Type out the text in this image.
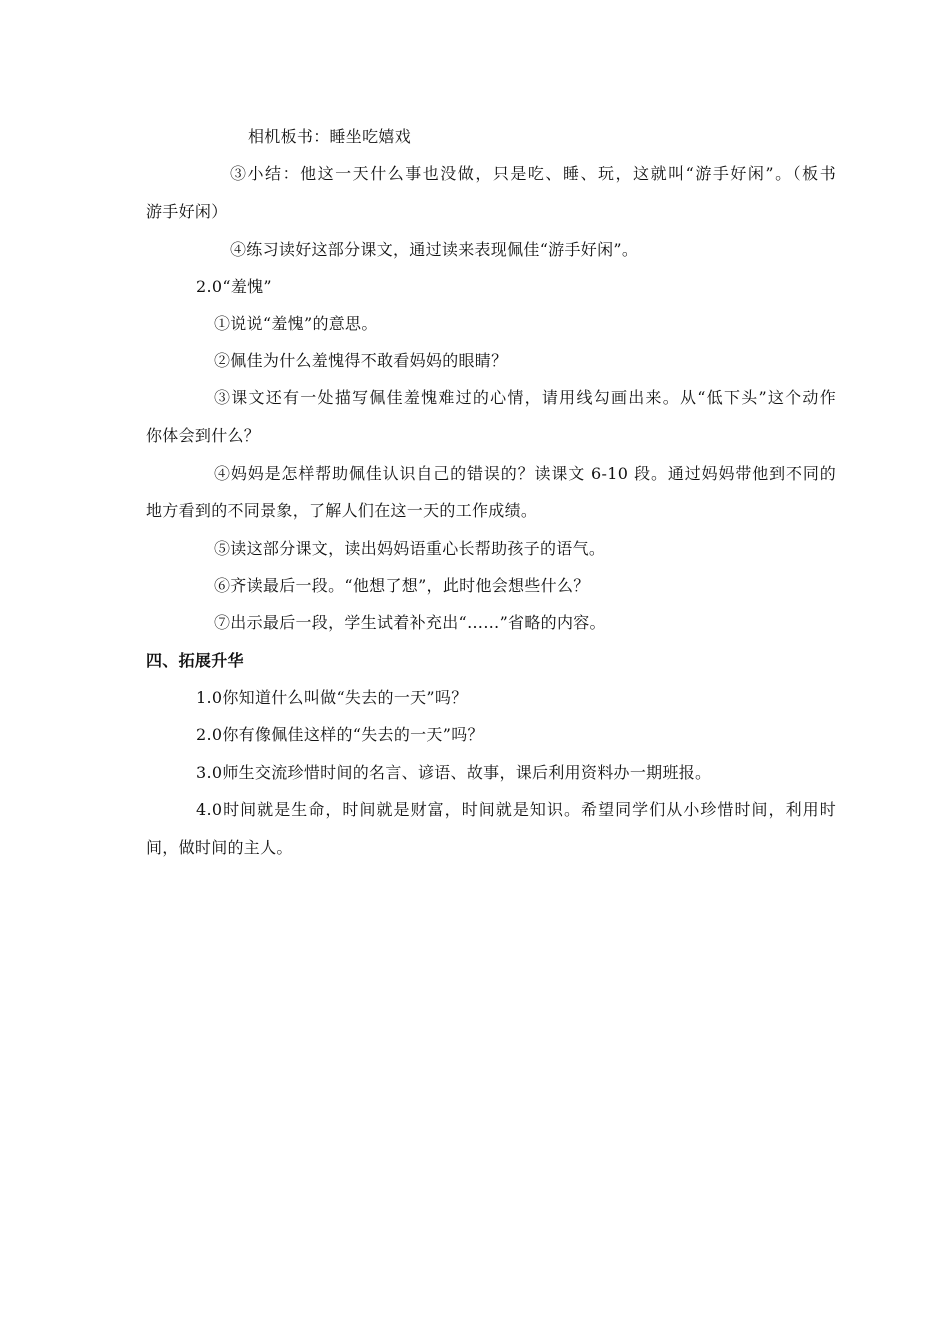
相机板书：睡坐吃嬉戏
③小结：他这一天什么事也没做，只是吃、睡、玩，这就叫“游手好闲”。（板书
游手好闲）
④练习读好这部分课文，通过读来表现佩佳“游手好闲”。
2.0“羞愧”
①说说“羞愧”的意思。
②佩佳为什么羞愧得不敢看妈妈的眼睛？
③课文还有一处描写佩佳羞愧难过的心情，请用线勾画出来。从“低下头”这个动作
你体会到什么？
④妈妈是怎样帮助佩佳认识自己的错误的？读课文 6-10 段。通过妈妈带他到不同的
地方看到的不同景象，了解人们在这一天的工作成绩。
⑤读这部分课文，读出妈妈语重心长帮助孩子的语气。
⑥齐读最后一段。“他想了想”，此时他会想些什么？
⑦出示最后一段，学生试着补充出“……”省略的内容。
四、拓展升华
1.0你知道什么叫做“失去的一天”吗？
2.0你有像佩佳这样的“失去的一天”吗？
3.0师生交流珍惜时间的名言、谚语、故事，课后利用资料办一期班报。
4.0时间就是生命，时间就是财富，时间就是知识。希望同学们从小珍惜时间，利用时
间，做时间的主人。
